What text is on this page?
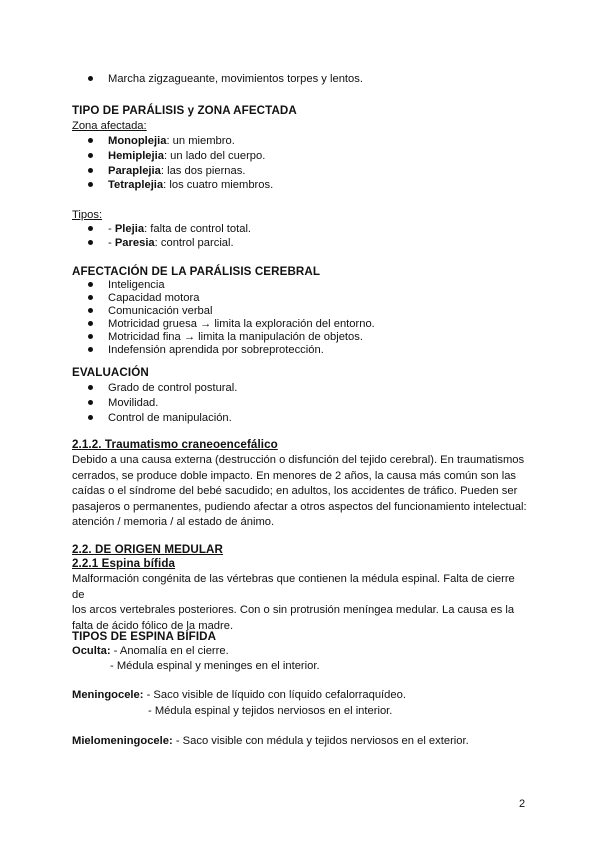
Marcha zigzagueante, movimientos torpes y lentos.
TIPO DE PARÁLISIS y ZONA AFECTADA
Zona afectada:
Monoplejia: un miembro.
Hemiplejia: un lado del cuerpo.
Paraplejia: las dos piernas.
Tetraplejia: los cuatro miembros.
Tipos:
- Plejia: falta de control total.
- Paresia: control parcial.
AFECTACIÓN DE LA PARÁLISIS CEREBRAL
Inteligencia
Capacidad motora
Comunicación verbal
Motricidad gruesa → limita la exploración del entorno.
Motricidad fina → limita la manipulación de objetos.
Indefensión aprendida por sobreprotección.
EVALUACIÓN
Grado de control postural.
Movilidad.
Control de manipulación.
2.1.2. Traumatismo craneoencefálico
Debido a una causa externa (destrucción o disfunción del tejido cerebral). En traumatismos
cerrados, se produce doble impacto. En menores de 2 años, la causa más común son las
caídas o el síndrome del bebé sacudido; en adultos, los accidentes de tráfico. Pueden ser
pasajeros o permanentes, pudiendo afectar a otros aspectos del funcionamiento intelectual:
atención / memoria / al estado de ánimo.
2.2. DE ORIGEN MEDULAR
2.2.1 Espina bífida
Malformación congénita de las vértebras que contienen la médula espinal. Falta de cierre de
los arcos vertebrales posteriores. Con o sin protrusión meníngea medular. La causa es la
falta de ácido fólico de la madre.
TIPOS DE ESPINA BÍFIDA
Oculta: - Anomalía en el cierre.
- Médula espinal y meninges en el interior.
Meningocele: - Saco visible de líquido con líquido cefalorraquídeo.
- Médula espinal y tejidos nerviosos en el interior.
Mielomeningocele: - Saco visible con médula y tejidos nerviosos en el exterior.
2
